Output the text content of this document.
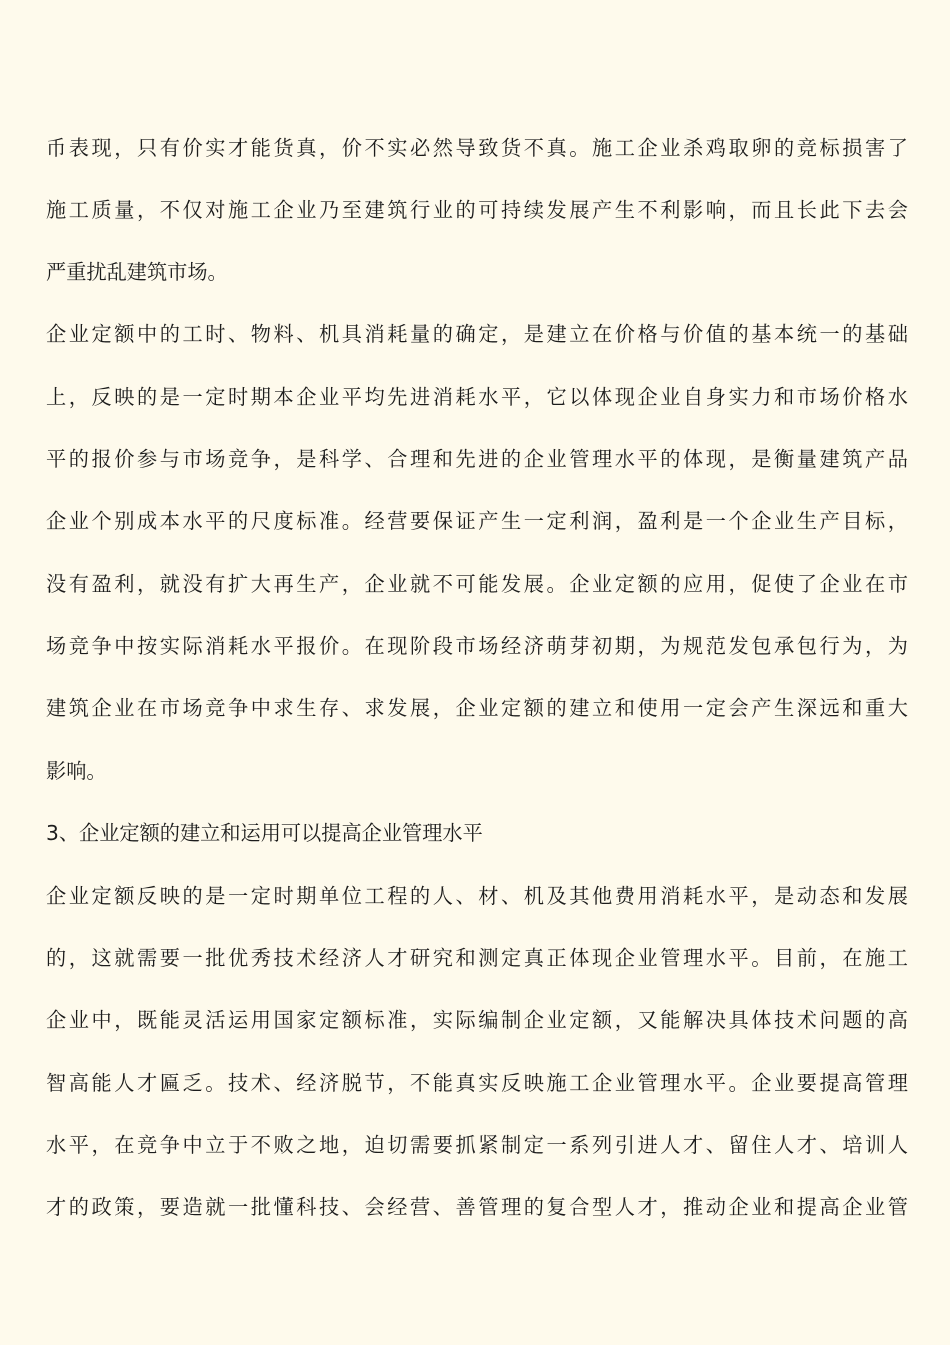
币表现，只有价实才能货真，价不实必然导致货不真。施工企业杀鸡取卵的竞标损害了
施工质量，不仅对施工企业乃至建筑行业的可持续发展产生不利影响，而且长此下去会
严重扰乱建筑市场。
企业定额中的工时、物料、机具消耗量的确定，是建立在价格与价值的基本统一的基础
上，反映的是一定时期本企业平均先进消耗水平，它以体现企业自身实力和市场价格水
平的报价参与市场竞争，是科学、合理和先进的企业管理水平的体现，是衡量建筑产品
企业个别成本水平的尺度标准。经营要保证产生一定利润，盈利是一个企业生产目标，
没有盈利，就没有扩大再生产，企业就不可能发展。企业定额的应用，促使了企业在市
场竞争中按实际消耗水平报价。在现阶段市场经济萌芽初期，为规范发包承包行为，为
建筑企业在市场竞争中求生存、求发展，企业定额的建立和使用一定会产生深远和重大
影响。
3、企业定额的建立和运用可以提高企业管理水平
企业定额反映的是一定时期单位工程的人、材、机及其他费用消耗水平，是动态和发展
的，这就需要一批优秀技术经济人才研究和测定真正体现企业管理水平。目前，在施工
企业中，既能灵活运用国家定额标准，实际编制企业定额，又能解决具体技术问题的高
智高能人才匾乏。技术、经济脱节，不能真实反映施工企业管理水平。企业要提高管理
水平，在竞争中立于不败之地，迫切需要抓紧制定一系列引进人才、留住人才、培训人
才的政策，要造就一批懂科技、会经营、善管理的复合型人才，推动企业和提高企业管
